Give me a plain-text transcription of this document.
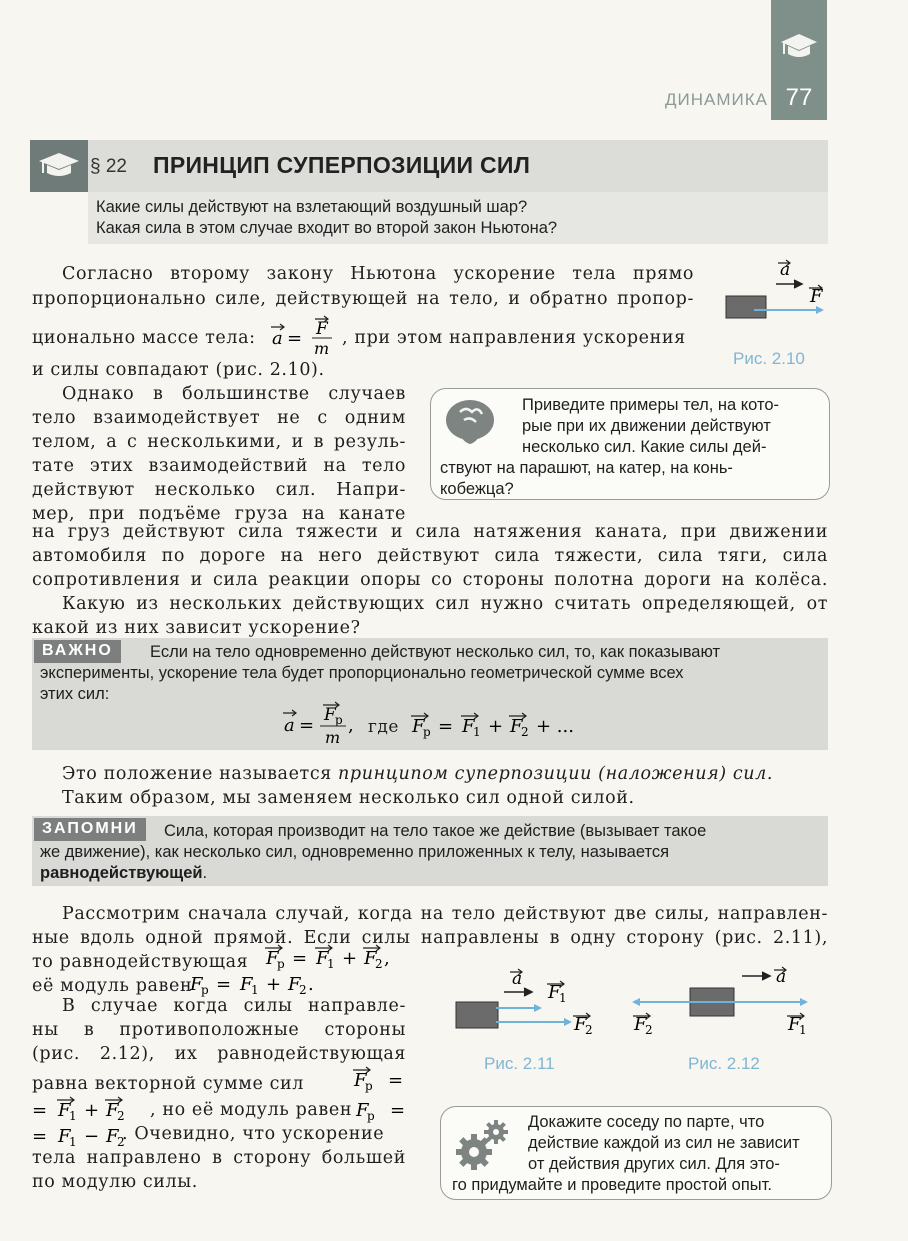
ДИНАМИКА 77
§ 22 ПРИНЦИП СУПЕРПОЗИЦИИ СИЛ
Какие силы действуют на взлетающий воздушный шар?
Какая сила в этом случае входит во второй закон Ньютона?
Согласно второму закону Ньютона ускорение тела прямо
пропорционально силе, действующей на тело, и обратно пропор-
ционально массе тела: a = F
m
, при этом направления ускорения
и силы совпадают (рис. 2.10).
a
F
Рис. 2.10
Однако в большинстве случаев
тело взаимодействует не с одним
телом, а с несколькими, и в резуль-
тате этих взаимодействий на тело
действуют несколько сил. Напри-
мер, при подъёме груза на канате
Приведите примеры тел, на кото-
рые при их движении действуют
несколько сил. Какие силы дей-
ствуют на парашют, на катер, на конь-
кобежца?
на груз действуют сила тяжести и сила натяжения каната, при движении
автомобиля по дороге на него действуют сила тяжести, сила тяги, сила
сопротивления и сила реакции опоры со стороны полотна дороги на колёса.
Какую из нескольких действующих сил нужно считать определяющей, от
какой из них зависит ускорение?
ВАЖНО	Если на тело одновременно действуют несколько сил, то, как показывают
эксперименты, ускорение тела будет пропорционально геометрической сумме всех
этих сил:
a = F р
m
, где F
р = F
1 + F
2 + ...
Это положение называется принципом суперпозиции (наложения) сил.
Таким образом, мы заменяем несколько сил одной силой.
ЗАПОМНИ	Сила, которая производит на тело такое же действие (вызывает такое
же движение), как несколько сил, одновременно приложенных к телу, называется
равнодействующей.
Рассмотрим сначала случай, когда на тело действуют две силы, направлен-
ные вдоль одной прямой. Если силы направлены в одну сторону (рис. 2.11),
то равнодействующая F
р = F
1 + F
2 ,
её модуль равен
F
р = F
1 + F
2 .
В случае когда силы направле-
ны в противоположные стороны
(рис. 2.12), их равнодействующая
равна векторной сумме сил	F
р =
= F
1 + F
2 , но её модуль равен F
р =
= F
1 − F
2
. Очевидно, что ускорение
тела направлено в сторону большей
по модулю силы.
a
F
1
F
2
Рис. 2.11
a
F
2	F
1
Рис. 2.12
Докажите соседу по парте, что
действие каждой из сил не зависит
от действия других сил. Для это-
го придумайте и проведите простой опыт.
